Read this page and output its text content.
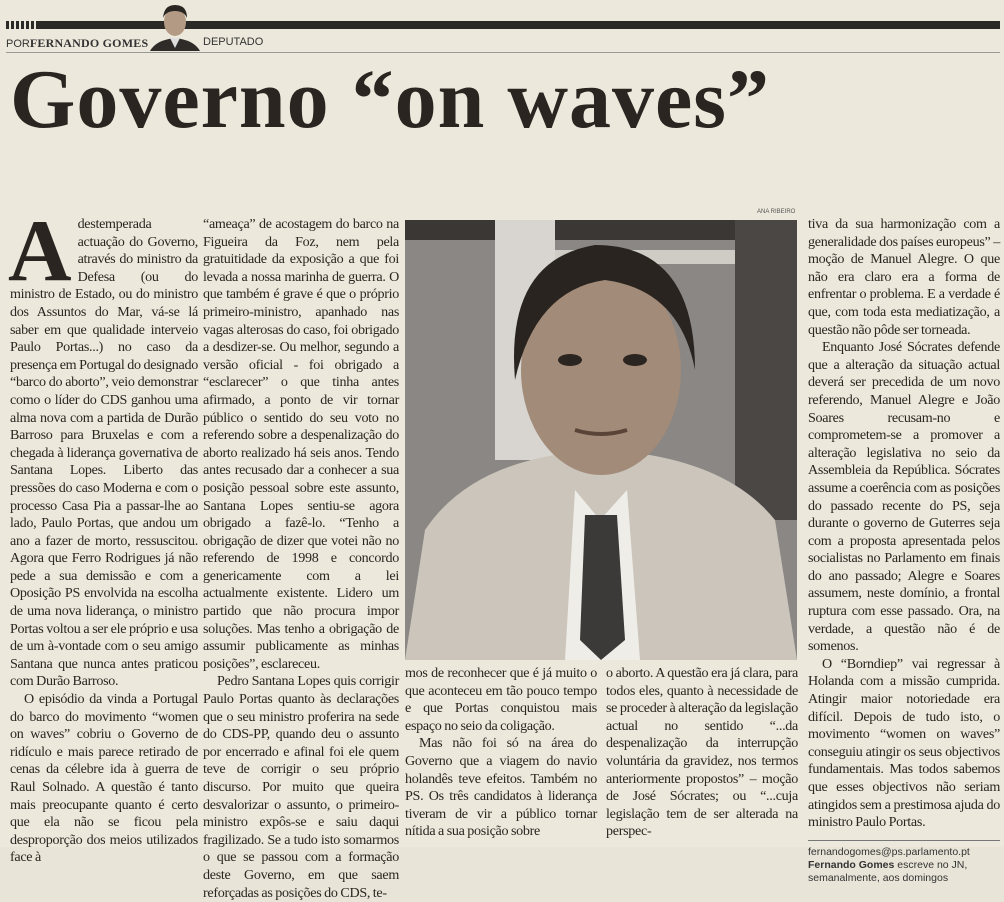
PORFERNANDO GOMES	DEPUTADO
Governo “on waves”

Adestemperada actuação do Governo, através do ministro da Defesa (ou do ministro de Estado, ou do ministro dos Assuntos do Mar, vá-se lá saber em que qualidade interveio Paulo Portas...) no caso da presença em Portugal do designado “barco do aborto”, veio demonstrar como o líder do CDS ganhou uma alma nova com a partida de Durão Barroso para Bruxelas e com a chegada à liderança governativa de Santana Lopes. Liberto das pressões do caso Moderna e com o processo Casa Pia a passar-lhe ao lado, Paulo Portas, que andou um ano a fazer de morto, ressuscitou. Agora que Ferro Rodrigues já não pede a sua demissão e com a Oposição PS envolvida na escolha de uma nova liderança, o ministro Portas voltou a ser ele próprio e usa de um à-vontade com o seu amigo Santana que nunca antes praticou com Durão Barroso.

O episódio da vinda a Portugal do barco do movimento “women on waves” cobriu o Governo de ridículo e mais parece retirado de cenas da célebre ida à guerra de Raul Solnado. A questão é tanto mais preocupante quanto é certo que ela não se ficou pela desproporção dos meios utilizados face à

“ameaça” de acostagem do barco na Figueira da Foz, nem pela gratuitidade da exposição a que foi levada a nossa marinha de guerra. O que também é grave é que o próprio primeiro-ministro, apanhado nas vagas alterosas do caso, foi obrigado a desdizer-se. Ou melhor, segundo a versão oficial - foi obrigado a “esclarecer” o que tinha antes afirmado, a ponto de vir tornar público o sentido do seu voto no referendo sobre a despenalização do aborto realizado há seis anos. Tendo antes recusado dar a conhecer a sua posição pessoal sobre este assunto, Santana Lopes sentiu-se agora obrigado a fazê-lo. “Tenho a obrigação de dizer que votei não no referendo de 1998 e concordo genericamente com a lei actualmente existente. Lidero um partido que não procura impor soluções. Mas tenho a obrigação de assumir publicamente as minhas posições”, esclareceu.

Pedro Santana Lopes quis corrigir Paulo Portas quanto às declarações que o seu ministro proferira na sede do CDS-PP, quando deu o assunto por encerrado e afinal foi ele quem teve de corrigir o seu próprio discurso. Por muito que queira desvalorizar o assunto, o primeiro-ministro expôs-se e saiu daqui fragilizado. Se a tudo isto somarmos o que se passou com a formação deste Governo, em que saem reforçadas as posições do CDS, te-

ANA RIBEIRO

mos de reconhecer que é já muito o que aconteceu em tão pouco tempo e que Portas conquistou mais espaço no seio da coligação.

Mas não foi só na área do Governo que a viagem do navio holandês teve efeitos. Também no PS. Os três candidatos à liderança tiveram de vir a público tornar nítida a sua posição sobre

o aborto. A questão era já clara, para todos eles, quanto à necessidade de se proceder à alteração da legislação actual no sentido “...da despenalização da interrupção voluntária da gravidez, nos termos anteriormente propostos” – moção de José Sócrates; ou “...cuja legislação tem de ser alterada na perspec-

tiva da sua harmonização com a generalidade dos países europeus” – moção de Manuel Alegre. O que não era claro era a forma de enfrentar o problema. E a verdade é que, com toda esta mediatização, a questão não pôde ser torneada.

Enquanto José Sócrates defende que a alteração da situação actual deverá ser precedida de um novo referendo, Manuel Alegre e João Soares recusam-no e comprometem-se a promover a alteração legislativa no seio da Assembleia da República. Sócrates assume a coerência com as posições do passado recente do PS, seja durante o governo de Guterres seja com a proposta apresentada pelos socialistas no Parlamento em finais do ano passado; Alegre e Soares assumem, neste domínio, a frontal ruptura com esse passado. Ora, na verdade, a questão não é de somenos.

O “Borndiep” vai regressar à Holanda com a missão cumprida. Atingir maior notoriedade era difícil. Depois de tudo isto, o movimento “women on waves” conseguiu atingir os seus objectivos fundamentais. Mas todos sabemos que esses objectivos não seriam atingidos sem a prestimosa ajuda do ministro Paulo Portas.

fernandogomes@ps.parlamento.pt
Fernando Gomes escreve no JN, semanalmente, aos domingos
